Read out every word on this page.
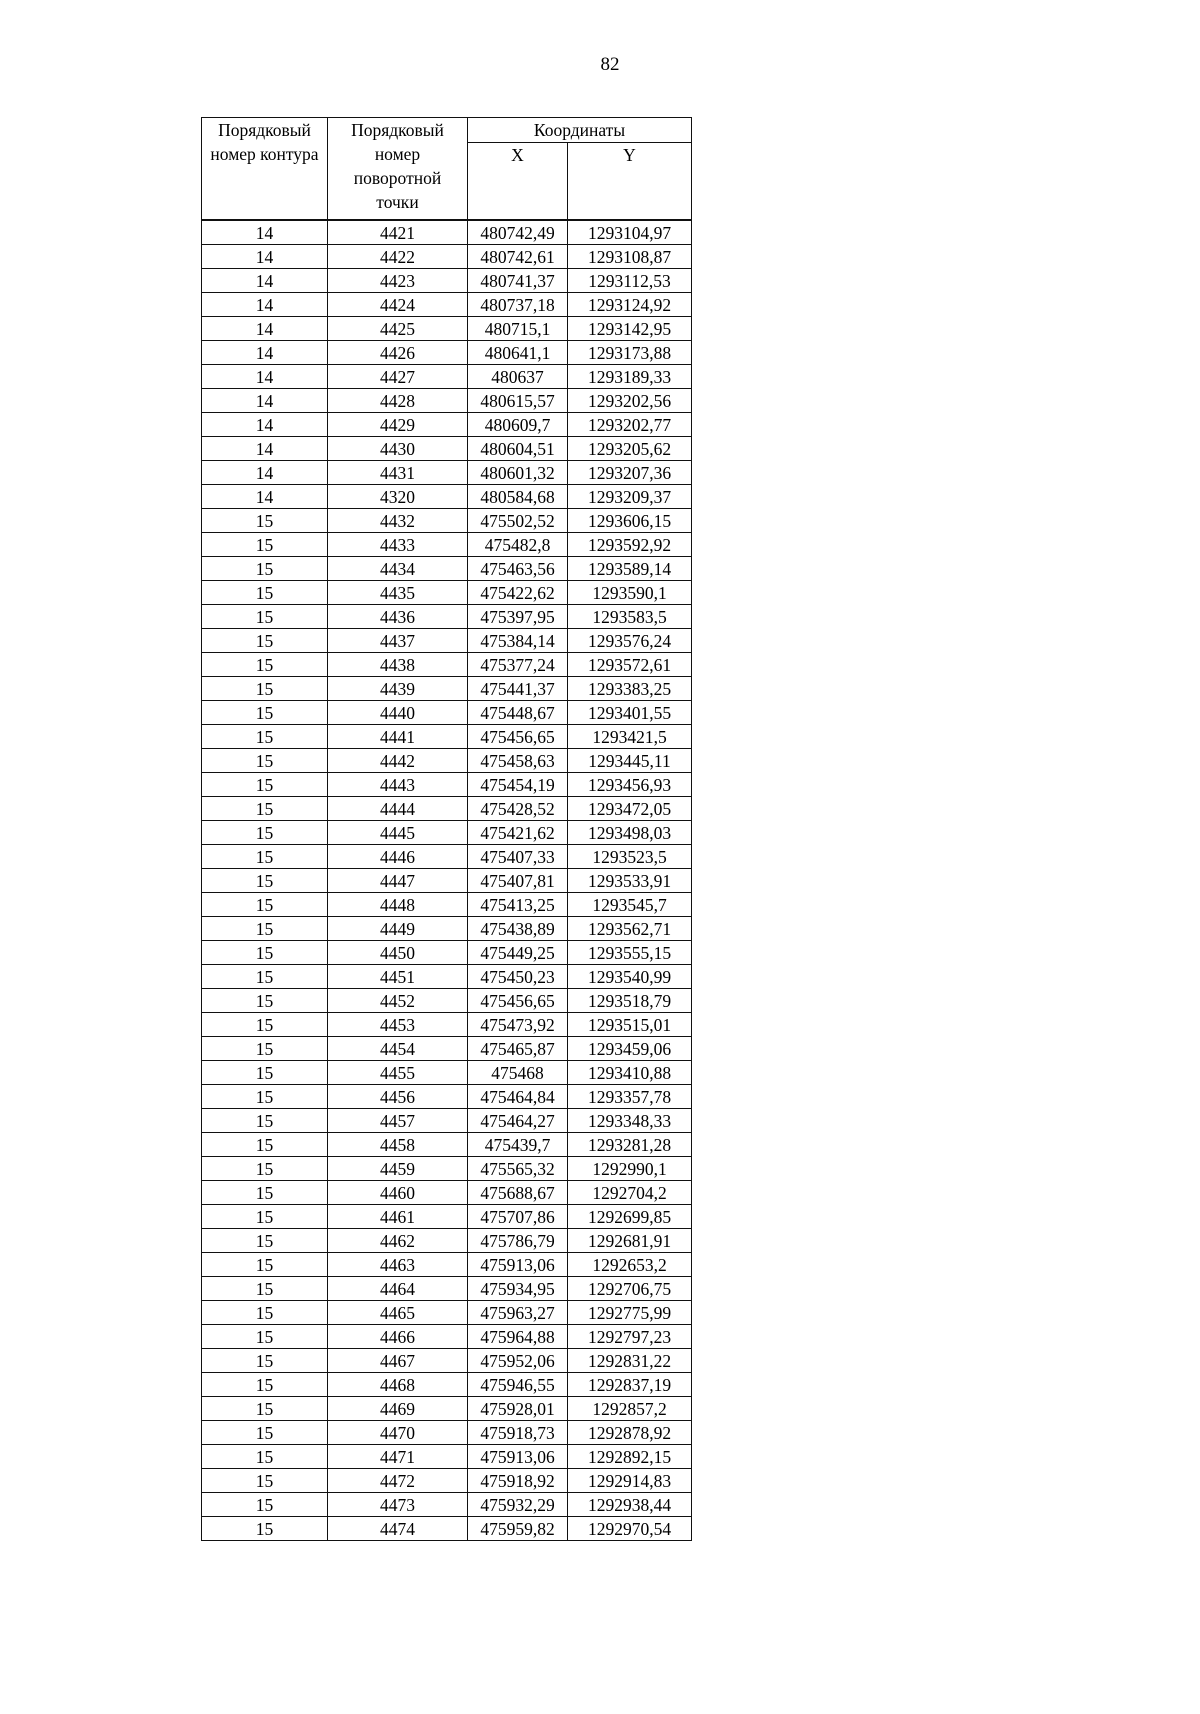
82
Порядковый
номер контура	Порядковый
номер
поворотной
точки	Координаты	
		X	Y
14	4421	480742,49	1293104,97
14	4422	480742,61	1293108,87
14	4423	480741,37	1293112,53
14	4424	480737,18	1293124,92
14	4425	480715,1	1293142,95
14	4426	480641,1	1293173,88
14	4427	480637	1293189,33
14	4428	480615,57	1293202,56
14	4429	480609,7	1293202,77
14	4430	480604,51	1293205,62
14	4431	480601,32	1293207,36
14	4320	480584,68	1293209,37
15	4432	475502,52	1293606,15
15	4433	475482,8	1293592,92
15	4434	475463,56	1293589,14
15	4435	475422,62	1293590,1
15	4436	475397,95	1293583,5
15	4437	475384,14	1293576,24
15	4438	475377,24	1293572,61
15	4439	475441,37	1293383,25
15	4440	475448,67	1293401,55
15	4441	475456,65	1293421,5
15	4442	475458,63	1293445,11
15	4443	475454,19	1293456,93
15	4444	475428,52	1293472,05
15	4445	475421,62	1293498,03
15	4446	475407,33	1293523,5
15	4447	475407,81	1293533,91
15	4448	475413,25	1293545,7
15	4449	475438,89	1293562,71
15	4450	475449,25	1293555,15
15	4451	475450,23	1293540,99
15	4452	475456,65	1293518,79
15	4453	475473,92	1293515,01
15	4454	475465,87	1293459,06
15	4455	475468	1293410,88
15	4456	475464,84	1293357,78
15	4457	475464,27	1293348,33
15	4458	475439,7	1293281,28
15	4459	475565,32	1292990,1
15	4460	475688,67	1292704,2
15	4461	475707,86	1292699,85
15	4462	475786,79	1292681,91
15	4463	475913,06	1292653,2
15	4464	475934,95	1292706,75
15	4465	475963,27	1292775,99
15	4466	475964,88	1292797,23
15	4467	475952,06	1292831,22
15	4468	475946,55	1292837,19
15	4469	475928,01	1292857,2
15	4470	475918,73	1292878,92
15	4471	475913,06	1292892,15
15	4472	475918,92	1292914,83
15	4473	475932,29	1292938,44
15	4474	475959,82	1292970,54
